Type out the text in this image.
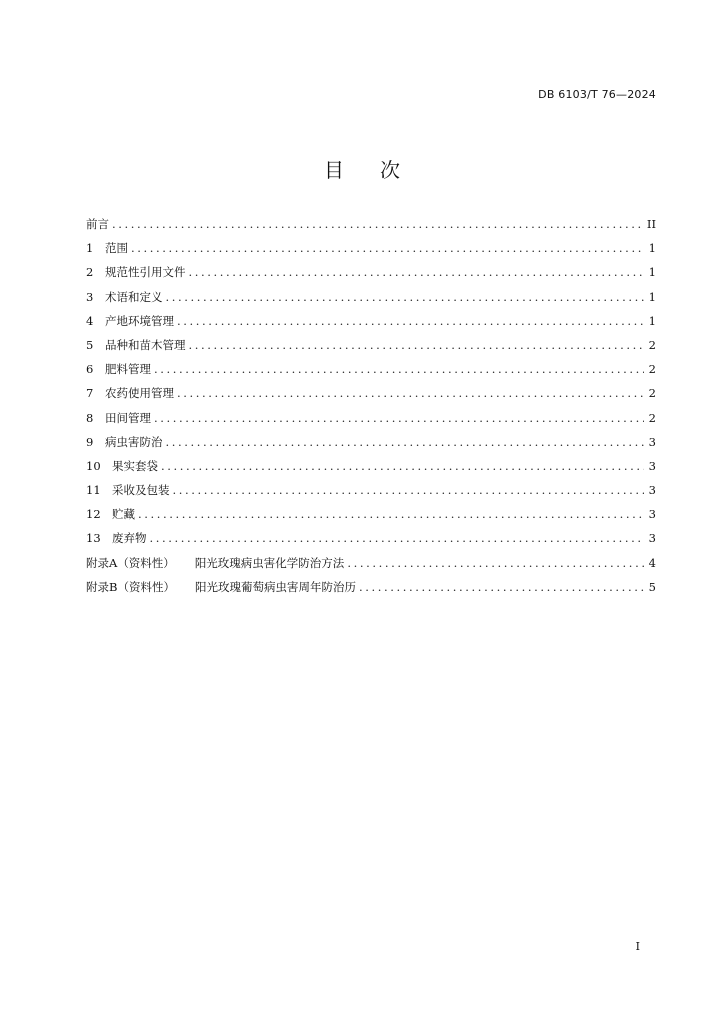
DB 6103/T 76—2024
目 次
前言 .....	II
1	范围 .....	1
2	规范性引用文件 .....	1
3	术语和定义 .....	1
4	产地环境管理 .....	1
5	品种和苗木管理 .....	2
6	肥料管理 .....	2
7	农药使用管理 .....	2
8	田间管理 .....	2
9	病虫害防治 .....	3
10 果实套袋 .....	3
11 采收及包装 .....	3
12 贮藏 .....	3
13 废弃物 .....	3
附录A （资料性） 阳光玫瑰病虫害化学防治方法 .....	4
附录B （资料性） 阳光玫瑰葡萄病虫害周年防治历 .....	5
I
